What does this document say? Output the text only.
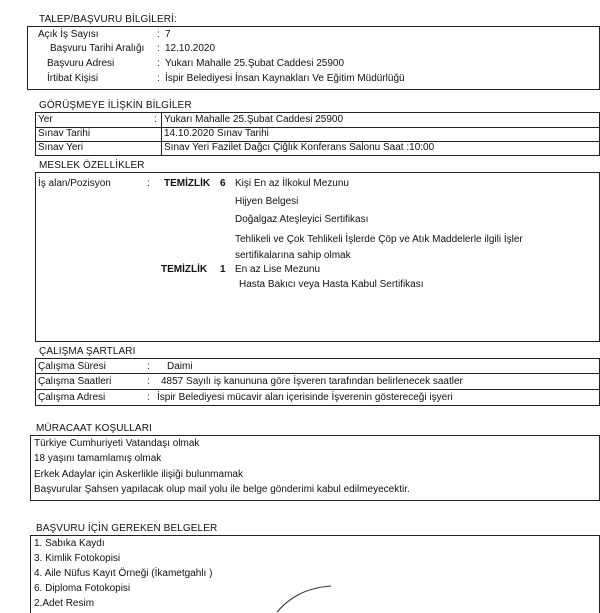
TALEP/BAŞVURU BİLGİLERİ:
Açık İş Sayısı	: 7
Başvuru Tarihi Aralığı : 12.10.2020
Başvuru Adresi	: Yukarı Mahalle 25.Şubat Caddesi 25900
İrtibat Kişisi	: İspir Belediyesi İnsan Kaynakları Ve Eğitim Müdürlüğü
GÖRÜŞMEYE İLİŞKİN BİLGİLER
Yer	: Yukarı Mahalle 25.Şubat Caddesi 25900
Sınav Tarihi	14.10.2020 Sınav Tarihi
Sınav Yeri	Sınav Yeri Fazilet Dağcı Çiğlık Konferans Salonu Saat :10:00
MESLEK ÖZELLİKLER
İş alan/Pozisyon	: TEMİZLİK 6 Kişi En az İlkokul Mezunu
Hijyen Belgesi
Doğalgaz Ateşleyici Sertifikası
Tehlikeli ve Çok Tehlikeli İşlerde Çöp ve Atık Maddelerle ilgili İşler
sertifikalarına sahip olmak
TEMİZLİK 1 En az Lise Mezunu
Hasta Bakıcı veya Hasta Kabul Sertifikası
ÇALIŞMA ŞARTLARI
Çalışma Süresi	: Daimi
Çalışma Saatleri	: 4857 Sayılı iş kanununa göre İşveren tarafından belirlenecek saatler
Çalışma Adresi	: İspir Belediyesi mücavir alan içerisinde İşverenin göstereceği işyeri
MÜRACAAT KOŞULLARI
Türkiye Cumhuriyeti Vatandaşı olmak
18 yaşını tamamlamış olmak
Erkek Adaylar için Askerlikle ilişiği bulunmamak
Başvurular Şahsen yapılacak olup mail yolu ile belge gönderimi kabul edilmeyecektir.
BAŞVURU İÇİN GEREKEN BELGELER
1. Sabıka Kaydı
3. Kimlik Fotokopisi
4. Aile Nüfus Kayıt Örneği (İkametgahlı )
6. Diploma Fotokopisi
2.Adet Resim
